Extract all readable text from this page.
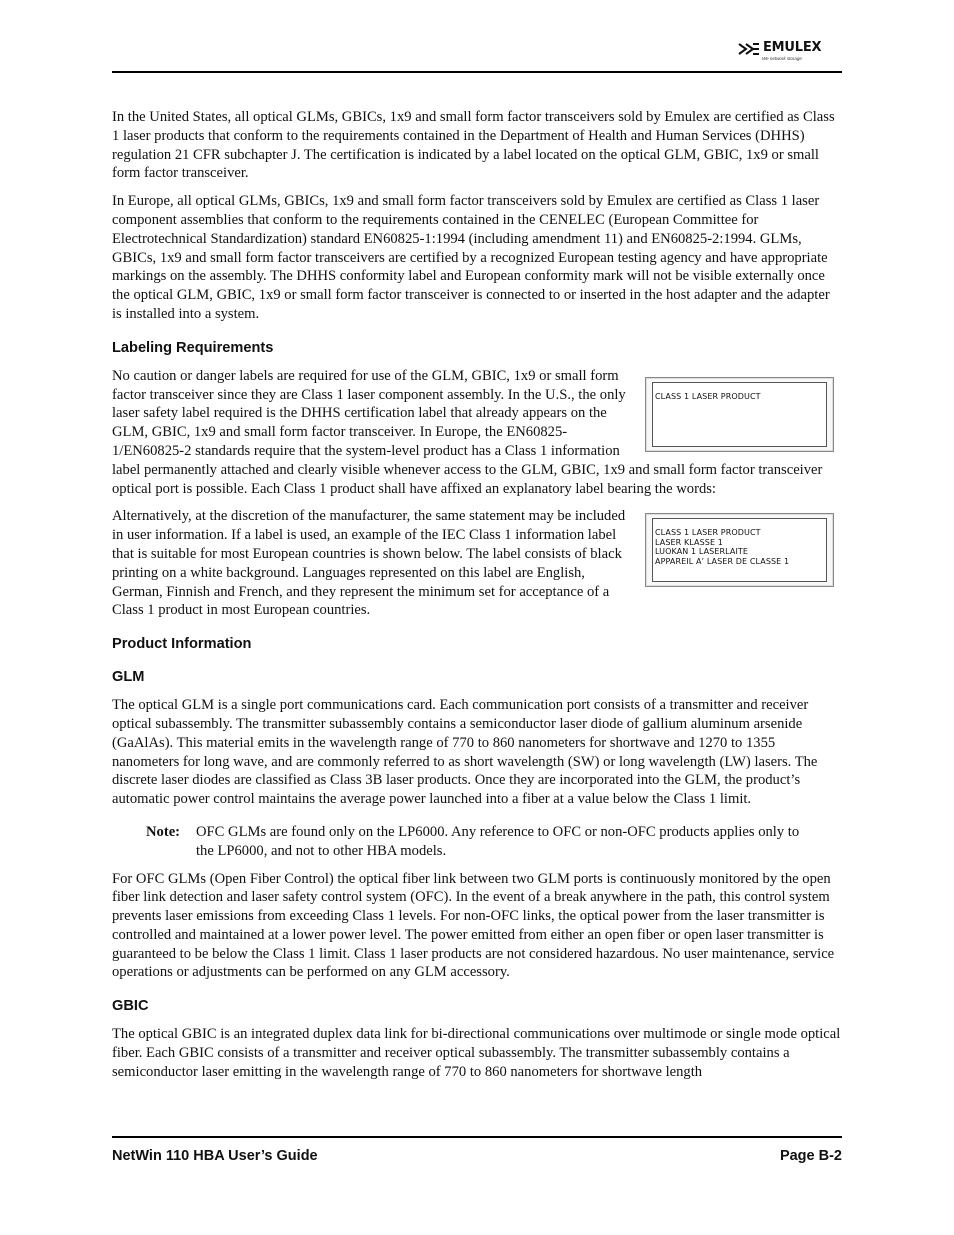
EMULEX
We network storage

In the United States, all optical GLMs, GBICs, 1x9 and small form factor transceivers sold by Emulex are certified as Class 1 laser products that conform to the requirements contained in the Department of Health and Human Services (DHHS) regulation 21 CFR subchapter J. The certification is indicated by a label located on the optical GLM, GBIC, 1x9 or small form factor transceiver.

In Europe, all optical GLMs, GBICs, 1x9 and small form factor transceivers sold by Emulex are certified as Class 1 laser component assemblies that conform to the requirements contained in the CENELEC (European Committee for Electrotechnical Standardization) standard EN60825-1:1994 (including amendment 11) and EN60825-2:1994. GLMs, GBICs, 1x9 and small form factor transceivers are certified by a recognized European testing agency and have appropriate markings on the assembly. The DHHS conformity label and European conformity mark will not be visible externally once the optical GLM, GBIC, 1x9 or small form factor transceiver is connected to or inserted in the host adapter and the adapter is installed into a system.

Labeling Requirements
CLASS 1 LASER PRODUCT

No caution or danger labels are required for use of the GLM, GBIC, 1x9 or small form factor transceiver since they are Class 1 laser component assembly. In the U.S., the only laser safety label required is the DHHS certification label that already appears on the GLM, GBIC, 1x9 and small form factor transceiver. In Europe, the EN60825-1/EN60825-2 standards require that the system-level product has a Class 1 information label permanently attached and clearly visible whenever access to the GLM, GBIC, 1x9 and small form factor transceiver optical port is possible. Each Class 1 product shall have affixed an explanatory label bearing the words:

CLASS 1 LASER PRODUCT
LASER KLASSE 1
LUOKAN 1 LASERLAITE
APPAREIL A’ LASER DE CLASSE 1

Alternatively, at the discretion of the manufacturer, the same statement may be included in user information. If a label is used, an example of the IEC Class 1 information label that is suitable for most European countries is shown below. The label consists of black printing on a white background. Languages represented on this label are English, German, Finnish and French, and they represent the minimum set for acceptance of a Class 1 product in most European countries.

Product Information
GLM

The optical GLM is a single port communications card. Each communication port consists of a transmitter and receiver optical subassembly. The transmitter subassembly contains a semiconductor laser diode of gallium aluminum arsenide (GaAlAs). This material emits in the wavelength range of 770 to 860 nanometers for shortwave and 1270 to 1355 nanometers for long wave, and are commonly referred to as short wavelength (SW) or long wavelength (LW) lasers. The discrete laser diodes are classified as Class 3B laser products. Once they are incorporated into the GLM, the product’s automatic power control maintains the average power launched into a fiber at a value below the Class 1 limit.

Note:	OFC GLMs are found only on the LP6000. Any reference to OFC or non-OFC products applies only to the LP6000, and not to other HBA models.

For OFC GLMs (Open Fiber Control) the optical fiber link between two GLM ports is continuously monitored by the open fiber link detection and laser safety control system (OFC). In the event of a break anywhere in the path, this control system prevents laser emissions from exceeding Class 1 levels. For non-OFC links, the optical power from the laser transmitter is controlled and maintained at a lower power level. The power emitted from either an open fiber or open laser transmitter is guaranteed to be below the Class 1 limit. Class 1 laser products are not considered hazardous. No user maintenance, service operations or adjustments can be performed on any GLM accessory.

GBIC

The optical GBIC is an integrated duplex data link for bi-directional communications over multimode or single mode optical fiber. Each GBIC consists of a transmitter and receiver optical subassembly. The transmitter subassembly contains a semiconductor laser emitting in the wavelength range of 770 to 860 nanometers for shortwave length

NetWin 110 HBA User’s Guide	Page B-2
